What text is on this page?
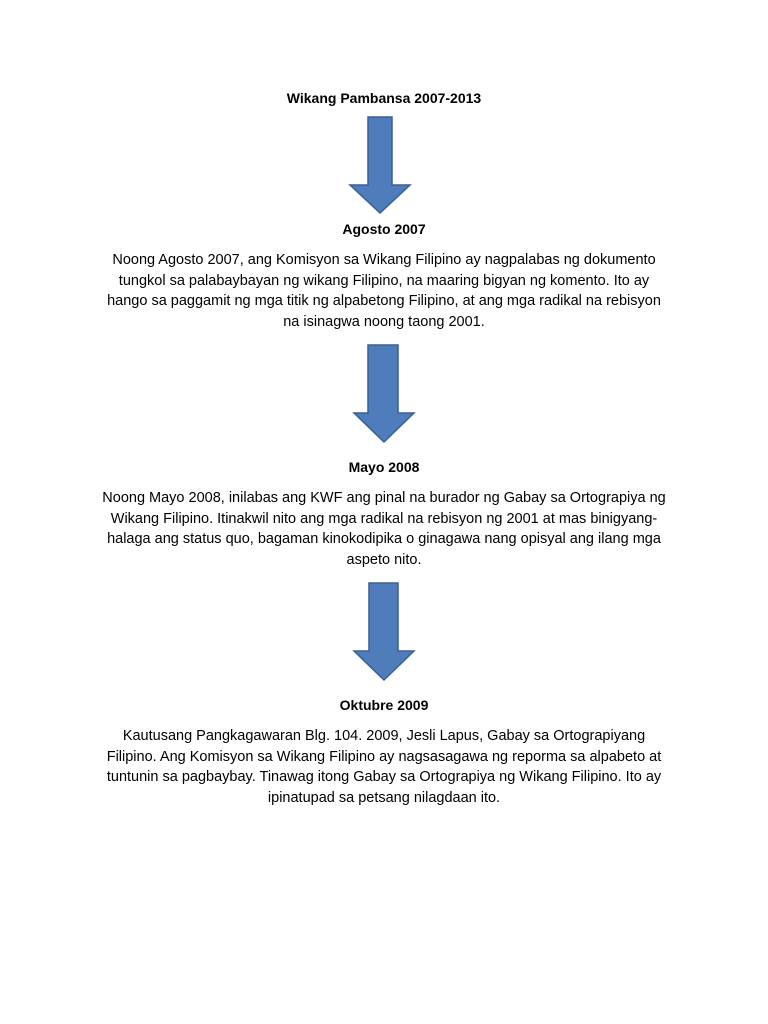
Wikang Pambansa 2007-2013
Agosto 2007
Noong Agosto 2007, ang Komisyon sa Wikang Filipino ay nagpalabas ng dokumento
tungkol sa palabaybayan ng wikang Filipino, na maaring bigyan ng komento. Ito ay
hango sa paggamit ng mga titik ng alpabetong Filipino, at ang mga radikal na rebisyon
na isinagwa noong taong 2001.
Mayo 2008
Noong Mayo 2008, inilabas ang KWF ang pinal na burador ng Gabay sa Ortograpiya ng
Wikang Filipino. Itinakwil nito ang mga radikal na rebisyon ng 2001 at mas binigyang-
halaga ang status quo, bagaman kinokodipika o ginagawa nang opisyal ang ilang mga
aspeto nito.
Oktubre 2009
Kautusang Pangkagawaran Blg. 104. 2009, Jesli Lapus, Gabay sa Ortograpiyang
Filipino. Ang Komisyon sa Wikang Filipino ay nagsasagawa ng reporma sa alpabeto at
tuntunin sa pagbaybay. Tinawag itong Gabay sa Ortograpiya ng Wikang Filipino. Ito ay
ipinatupad sa petsang nilagdaan ito.
